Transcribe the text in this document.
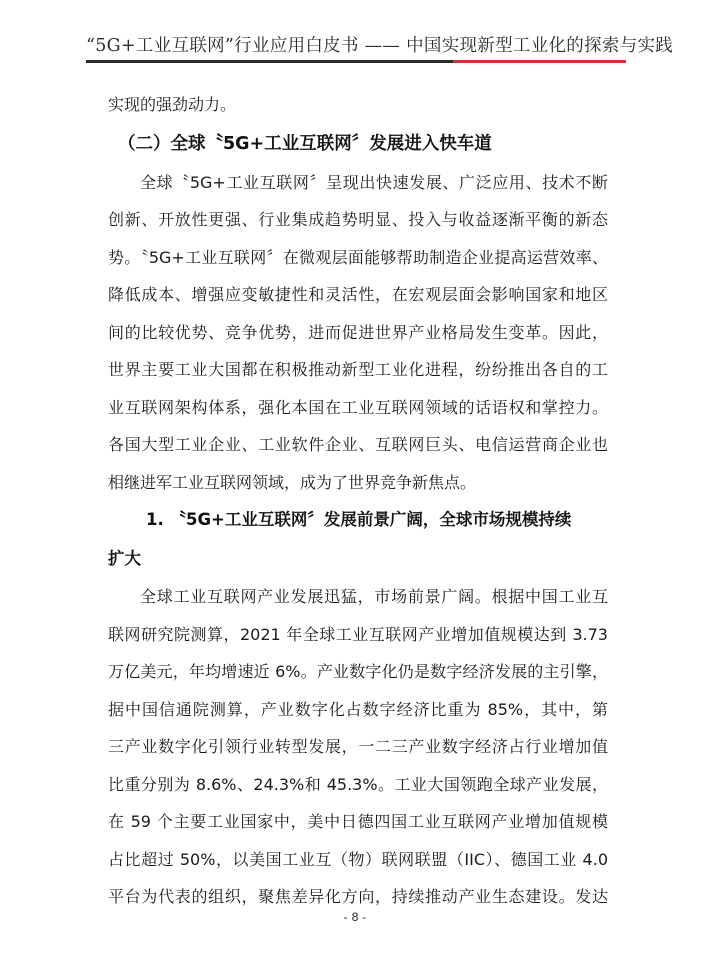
“5G+工业互联网”行业应用白皮书 —— 中国实现新型工业化的探索与实践
实现的强劲动力。
（二）全球〝5G+工业互联网〞发展进入快车道
全球〝5G+工业互联网〞呈现出快速发展、广泛应用、技术不断
创新、开放性更强、行业集成趋势明显、投入与收益逐渐平衡的新态
势。〝5G+工业互联网〞在微观层面能够帮助制造企业提高运营效率、
降低成本、增强应变敏捷性和灵活性，在宏观层面会影响国家和地区
间的比较优势、竞争优势，进而促进世界产业格局发生变革。因此，
世界主要工业大国都在积极推动新型工业化进程，纷纷推出各自的工
业互联网架构体系，强化本国在工业互联网领域的话语权和掌控力。
各国大型工业企业、工业软件企业、互联网巨头、电信运营商企业也
相继进军工业互联网领域，成为了世界竞争新焦点。
1. 〝5G+工业互联网〞发展前景广阔，全球市场规模持续
扩大
全球工业互联网产业发展迅猛，市场前景广阔。根据中国工业互
联网研究院测算，2021 年全球工业互联网产业增加值规模达到 3.73
万亿美元，年均增速近 6%。产业数字化仍是数字经济发展的主引擎，
据中国信通院测算，产业数字化占数字经济比重为 85%，其中，第
三产业数字化引领行业转型发展，一二三产业数字经济占行业增加值
比重分别为 8.6%、24.3%和 45.3%。工业大国领跑全球产业发展，
在 59 个主要工业国家中，美中日德四国工业互联网产业增加值规模
占比超过 50%，以美国工业互（物）联网联盟（IIC）、德国工业 4.0
平台为代表的组织，聚焦差异化方向，持续推动产业生态建设。发达
- 8 -
